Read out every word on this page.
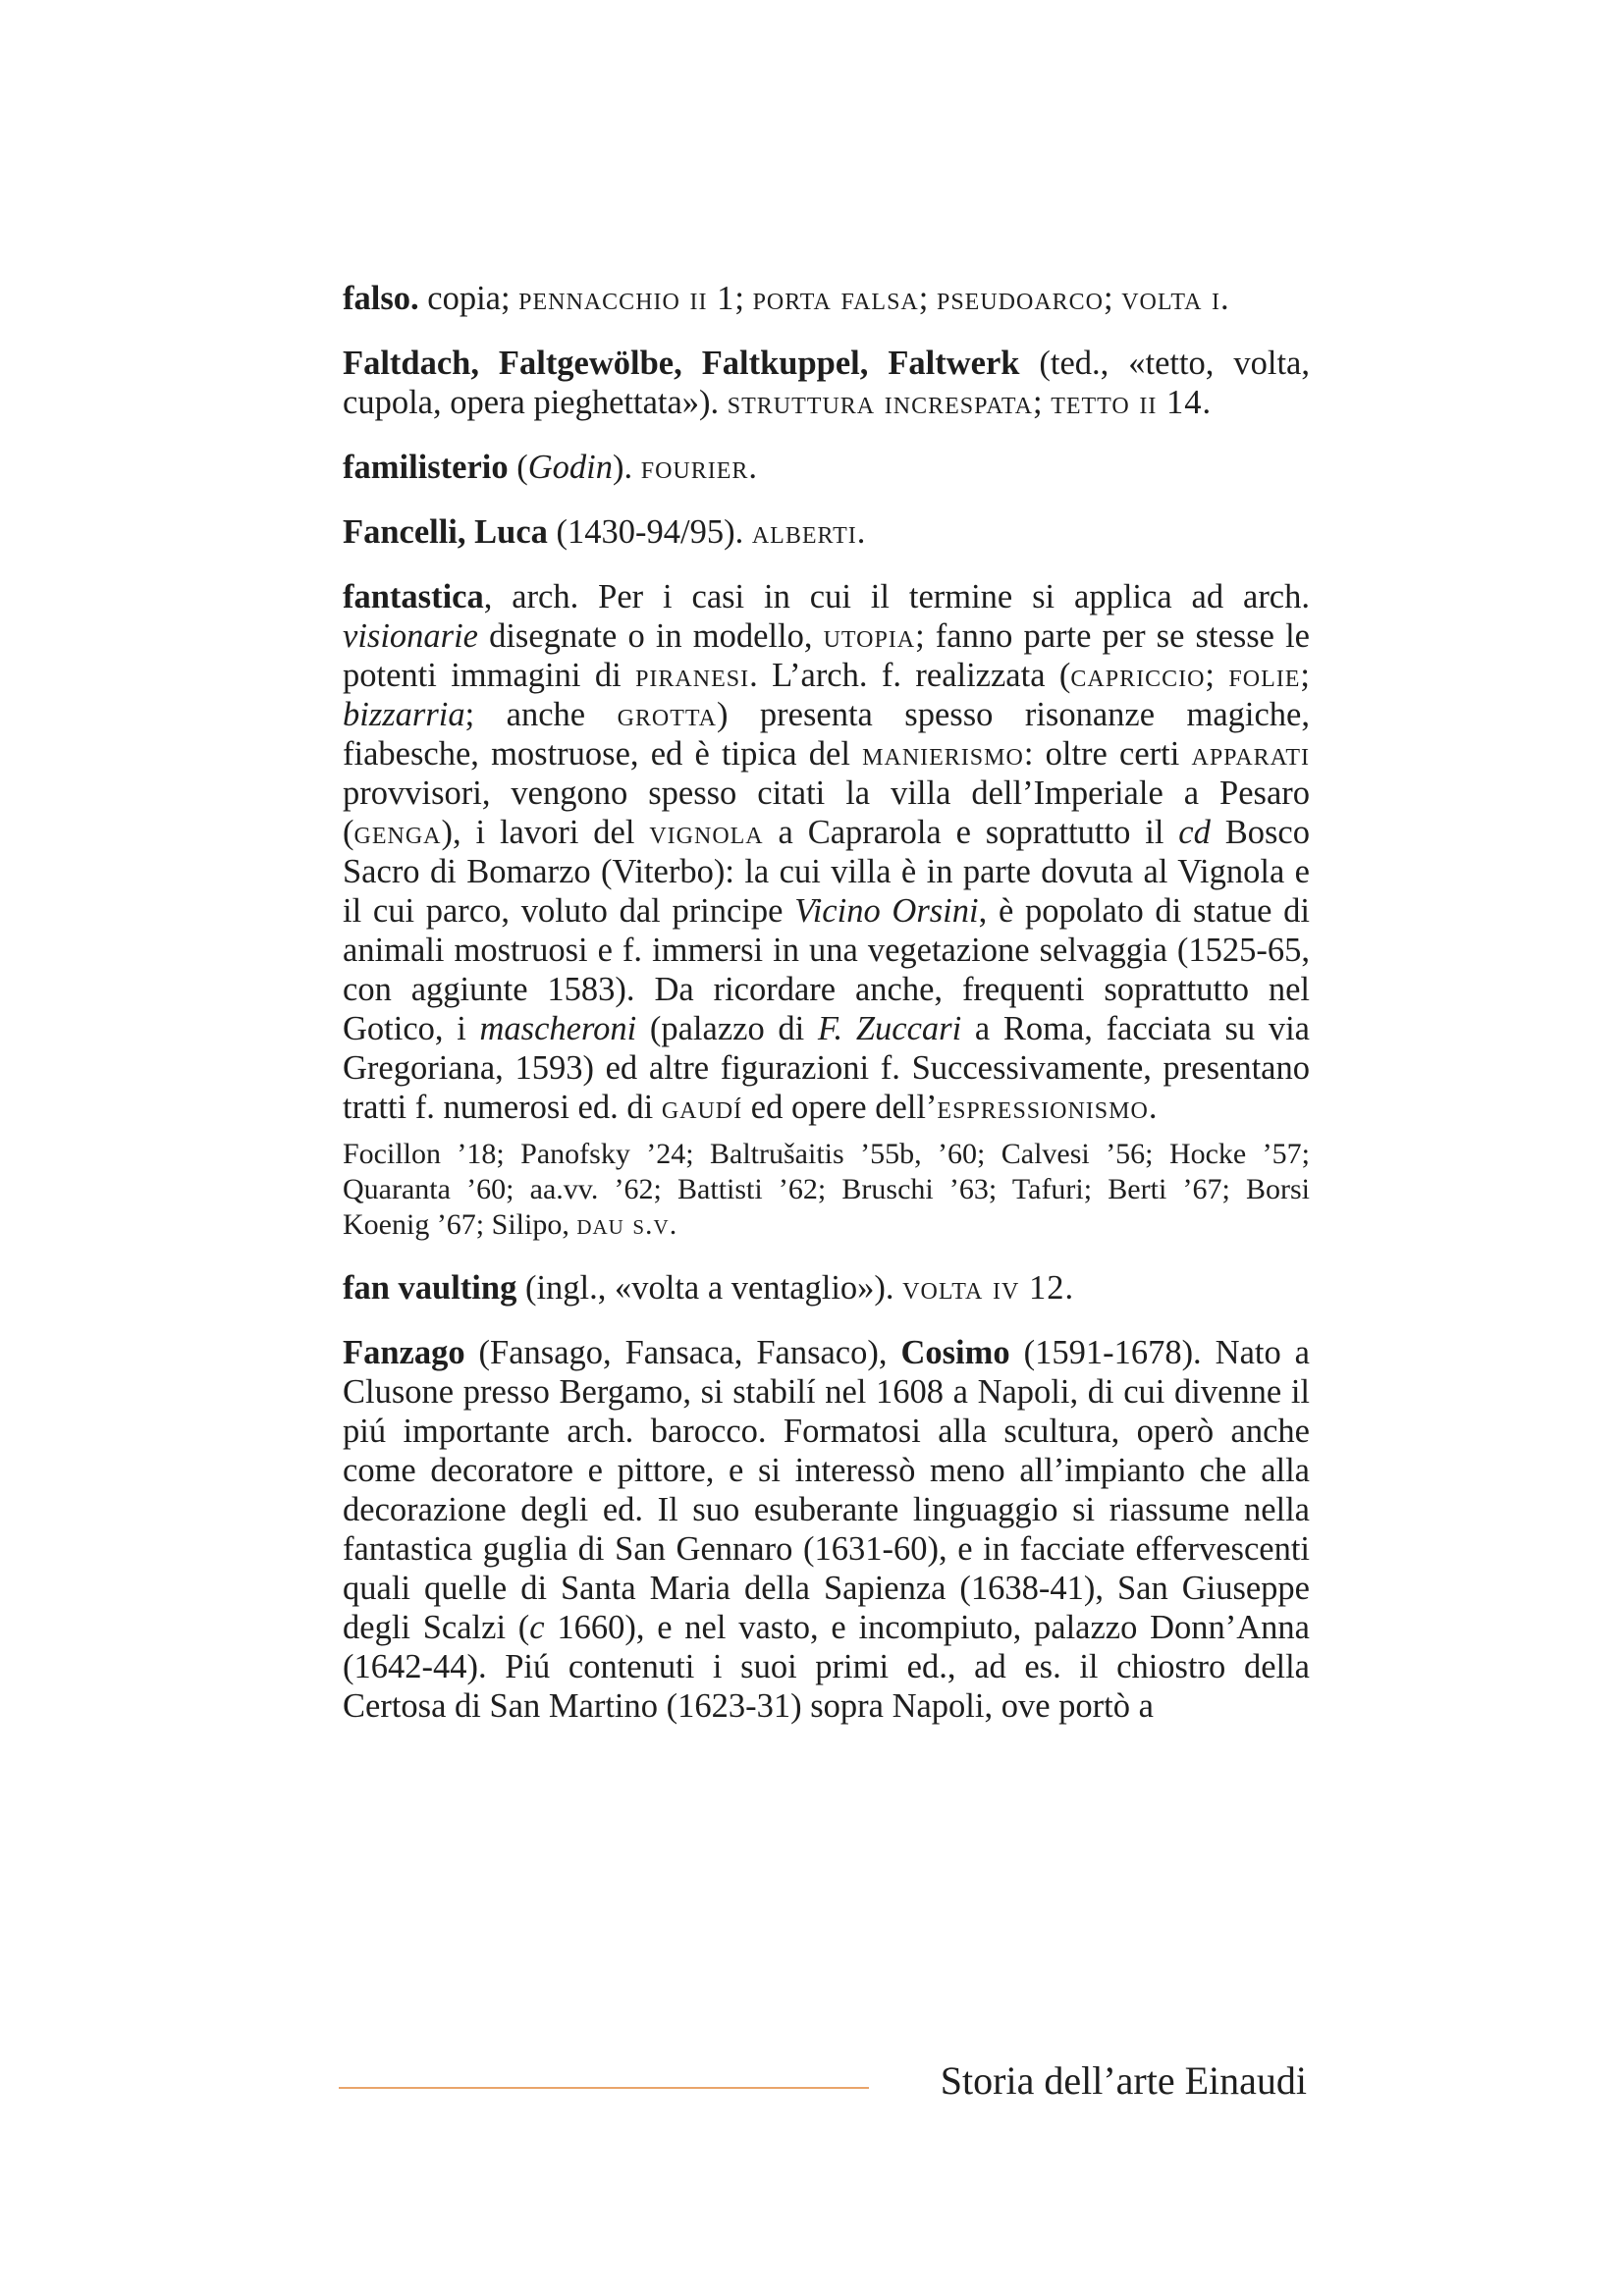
falso. copia; pennacchio ii 1; porta falsa; pseudoarco; volta i.

Faltdach, Faltgewölbe, Faltkuppel, Faltwerk (ted., «tetto, volta, cupola, opera pieghettata»). struttura increspata; tetto ii 14.

familisterio (Godin). fourier.

Fancelli, Luca (1430-94/95). alberti.

fantastica, arch. Per i casi in cui il termine si applica ad arch. visionarie disegnate o in modello, utopia; fanno parte per se stesse le potenti immagini di piranesi. L’arch. f. realizzata (capriccio; folie; bizzarria; anche grotta) presenta spesso risonanze magiche, fiabesche, mostruose, ed è tipica del manierismo: oltre certi apparati provvisori, vengono spesso citati la villa dell’Imperiale a Pesaro (genga), i lavori del vignola a Caprarola e soprattutto il cd Bosco Sacro di Bomarzo (Viterbo): la cui villa è in parte dovuta al Vignola e il cui parco, voluto dal principe Vicino Orsini, è popolato di statue di animali mostruosi e f. immersi in una vegetazione selvaggia (1525-65, con aggiunte 1583). Da ricordare anche, frequenti soprattutto nel Gotico, i mascheroni (palazzo di F. Zuccari a Roma, facciata su via Gregoriana, 1593) ed altre figurazioni f. Successivamente, presentano tratti f. numerosi ed. di gaudí ed opere dell’espressionismo.

Focillon ’18; Panofsky ’24; Baltrušaitis ’55b, ’60; Calvesi ’56; Hocke ’57; Quaranta ’60; aa.vv. ’62; Battisti ’62; Bruschi ’63; Tafuri; Berti ’67; Borsi Koenig ’67; Silipo, dau s.v.

fan vaulting (ingl., «volta a ventaglio»). volta iv 12.

Fanzago (Fansago, Fansaca, Fansaco), Cosimo (1591-1678). Nato a Clusone presso Bergamo, si stabilí nel 1608 a Napoli, di cui divenne il piú importante arch. barocco. Formatosi alla scultura, operò anche come decoratore e pittore, e si interessò meno all’impianto che alla decorazione degli ed. Il suo esuberante linguaggio si riassume nella fantastica guglia di San Gennaro (1631-60), e in facciate effervescenti quali quelle di Santa Maria della Sapienza (1638-41), San Giuseppe degli Scalzi (c 1660), e nel vasto, e incompiuto, palazzo Donn’Anna (1642-44). Piú contenuti i suoi primi ed., ad es. il chiostro della Certosa di San Martino (1623-31) sopra Napoli, ove portò a

Storia dell’arte Einaudi
